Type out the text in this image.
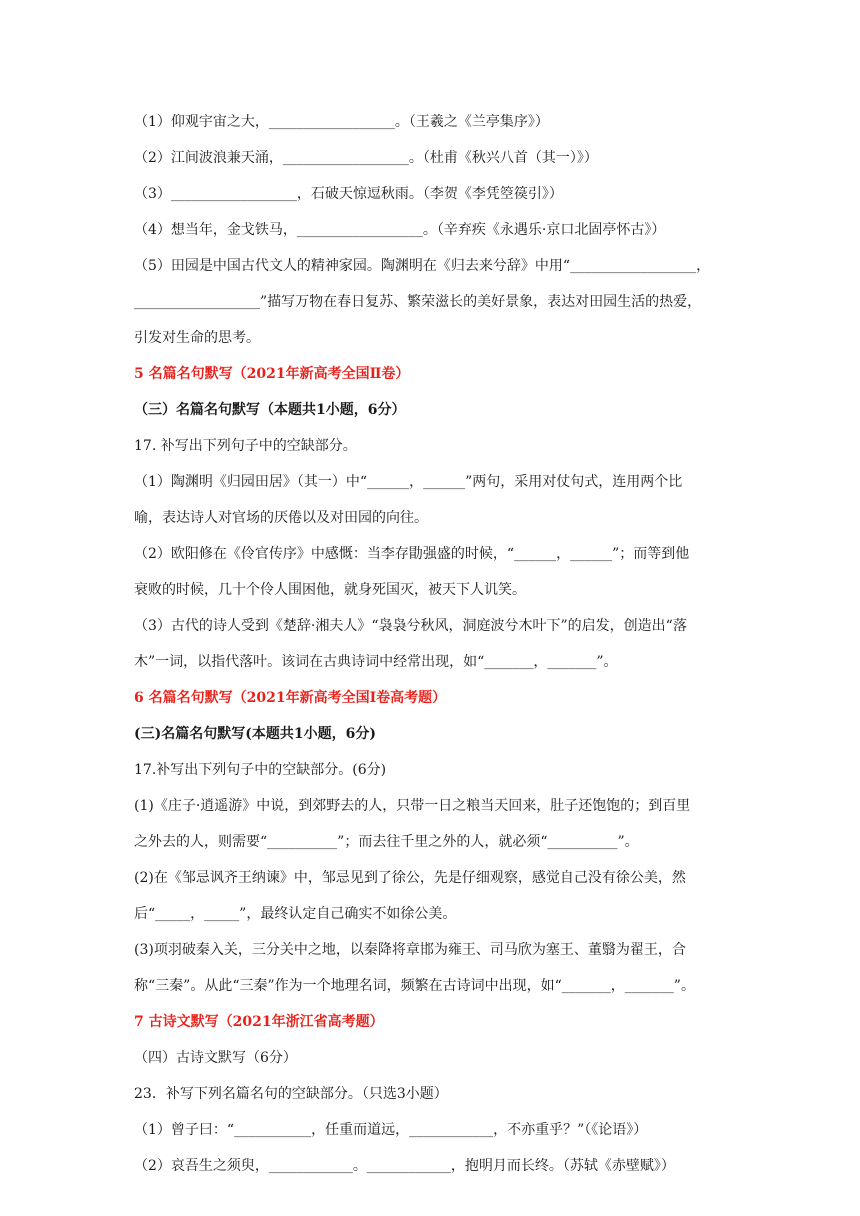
（1）仰观宇宙之大，__________________。（王羲之《兰亭集序》）
（2）江间波浪兼天涌，__________________。（杜甫《秋兴八首（其一）》）
（3）__________________，石破天惊逗秋雨。（李贺《李凭箜篌引》）
（4）想当年，金戈铁马，__________________。（辛弃疾《永遇乐·京口北固亭怀古》）
（5）田园是中国古代文人的精神家园。陶渊明在《归去来兮辞》中用“__________________，
__________________”描写万物在春日复苏、繁荣滋长的美好景象，表达对田园生活的热爱，
引发对生命的思考。
5 名篇名句默写（2021年新高考全国Ⅱ卷）
（三）名篇名句默写（本题共1小题，6分）
17. 补写出下列句子中的空缺部分。
（1）陶渊明《归园田居》（其一）中“______，______”两句，采用对仗句式，连用两个比
喻，表达诗人对官场的厌倦以及对田园的向往。
（2）欧阳修在《伶官传序》中感慨：当李存勖强盛的时候，“______，______”；而等到他
衰败的时候，几十个伶人围困他，就身死国灭，被天下人讥笑。
（3）古代的诗人受到《楚辞·湘夫人》“袅袅兮秋风，洞庭波兮木叶下”的启发，创造出“落
木”一词，以指代落叶。该词在古典诗词中经常出现，如“_______，_______”。
6 名篇名句默写（2021年新高考全国I卷高考题）
(三)名篇名句默写(本题共1小题，6分)
17.补写出下列句子中的空缺部分。(6分)
(1)《庄子·逍遥游》中说，到郊野去的人，只带一日之粮当天回来，肚子还饱饱的；到百里
之外去的人，则需要“__________”；而去往千里之外的人，就必须“__________”。
(2)在《邹忌讽齐王纳谏》中，邹忌见到了徐公，先是仔细观察，感觉自己没有徐公美，然
后“_____，_____”，最终认定自己确实不如徐公美。
(3)项羽破秦入关，三分关中之地，以秦降将章邯为雍王、司马欣为塞王、董翳为翟王，合
称“三秦”。从此“三秦”作为一个地理名词，频繁在古诗词中出现，如“_______，_______”。
7 古诗文默写（2021年浙江省高考题）
（四）古诗文默写（6分）
23．补写下列名篇名句的空缺部分。（只选3小题）
（1）曾子曰：“___________，任重而道远，____________，不亦重乎？”（《论语》）
（2）哀吾生之须臾，____________。____________，抱明月而长终。（苏轼《赤壁赋》）
